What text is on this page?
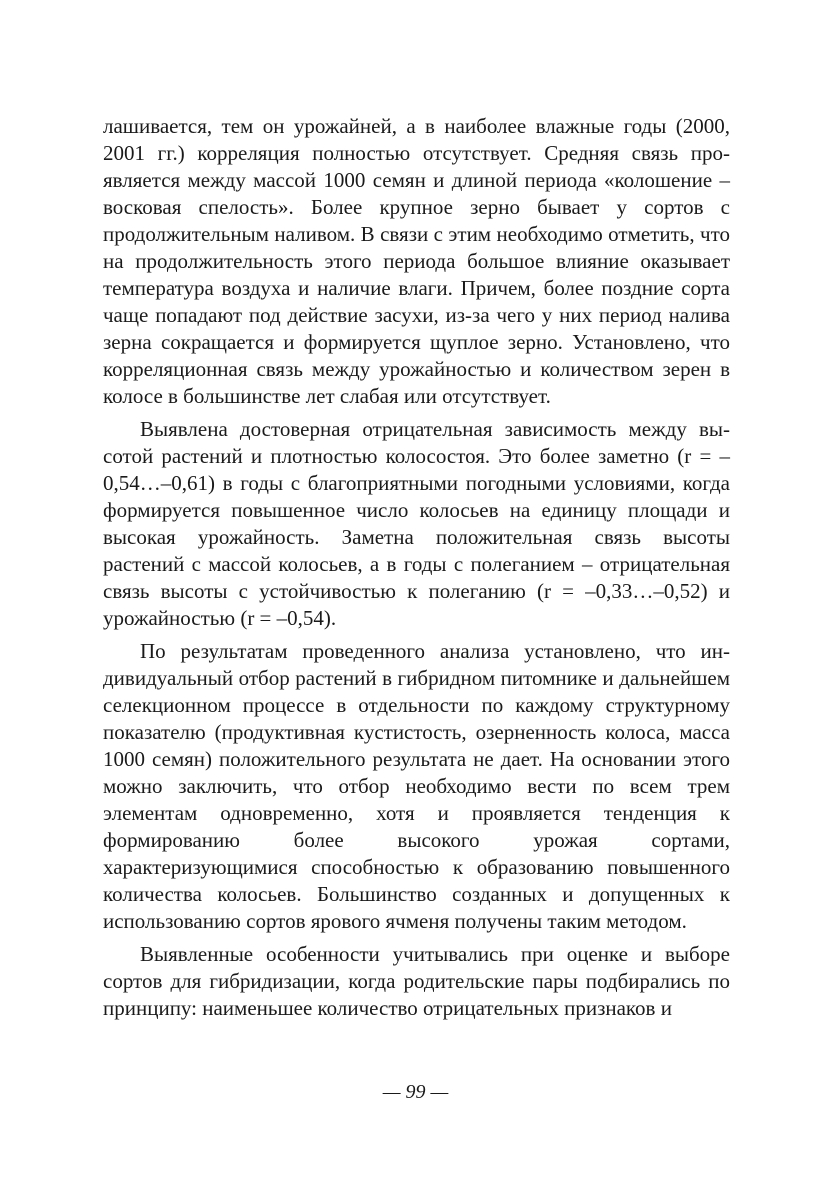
лашивается, тем он урожайней, а в наиболее влажные годы (2000, 2001 гг.) корреляция полностью отсутствует. Средняя связь проявляется между массой 1000 семян и длиной периода «колошение – восковая спелость». Более крупное зерно бывает у сортов с продолжительным наливом. В связи с этим необходимо отметить, что на продолжительность этого периода большое влияние оказывает температура воздуха и наличие влаги. Причем, более поздние сорта чаще попадают под действие засухи, из-за чего у них период налива зерна сокращается и формируется щуплое зерно. Установлено, что корреляционная связь между урожайностью и количеством зерен в колосе в большинстве лет слабая или отсутствует.

Выявлена достоверная отрицательная зависимость между высотой растений и плотностью колосостоя. Это более заметно (r = –0,54…–0,61) в годы с благоприятными погодными условиями, когда формируется повышенное число колосьев на единицу площади и высокая урожайность. Заметна положительная связь высоты растений с массой колосьев, а в годы с полеганием – отрицательная связь высоты с устойчивостью к полеганию (r = –0,33…–0,52) и урожайностью (r = –0,54).

По результатам проведенного анализа установлено, что индивидуальный отбор растений в гибридном питомнике и дальнейшем селекционном процессе в отдельности по каждому структурному показателю (продуктивная кустистость, озерненность колоса, масса 1000 семян) положительного результата не дает. На основании этого можно заключить, что отбор необходимо вести по всем трем элементам одновременно, хотя и проявляется тенденция к формированию более высокого урожая сортами, характеризующимися способностью к образованию повышенного количества колосьев. Большинство созданных и допущенных к использованию сортов ярового ячменя получены таким методом.

Выявленные особенности учитывались при оценке и выборе сортов для гибридизации, когда родительские пары подбирались по принципу: наименьшее количество отрицательных признаков и

— 99 —
